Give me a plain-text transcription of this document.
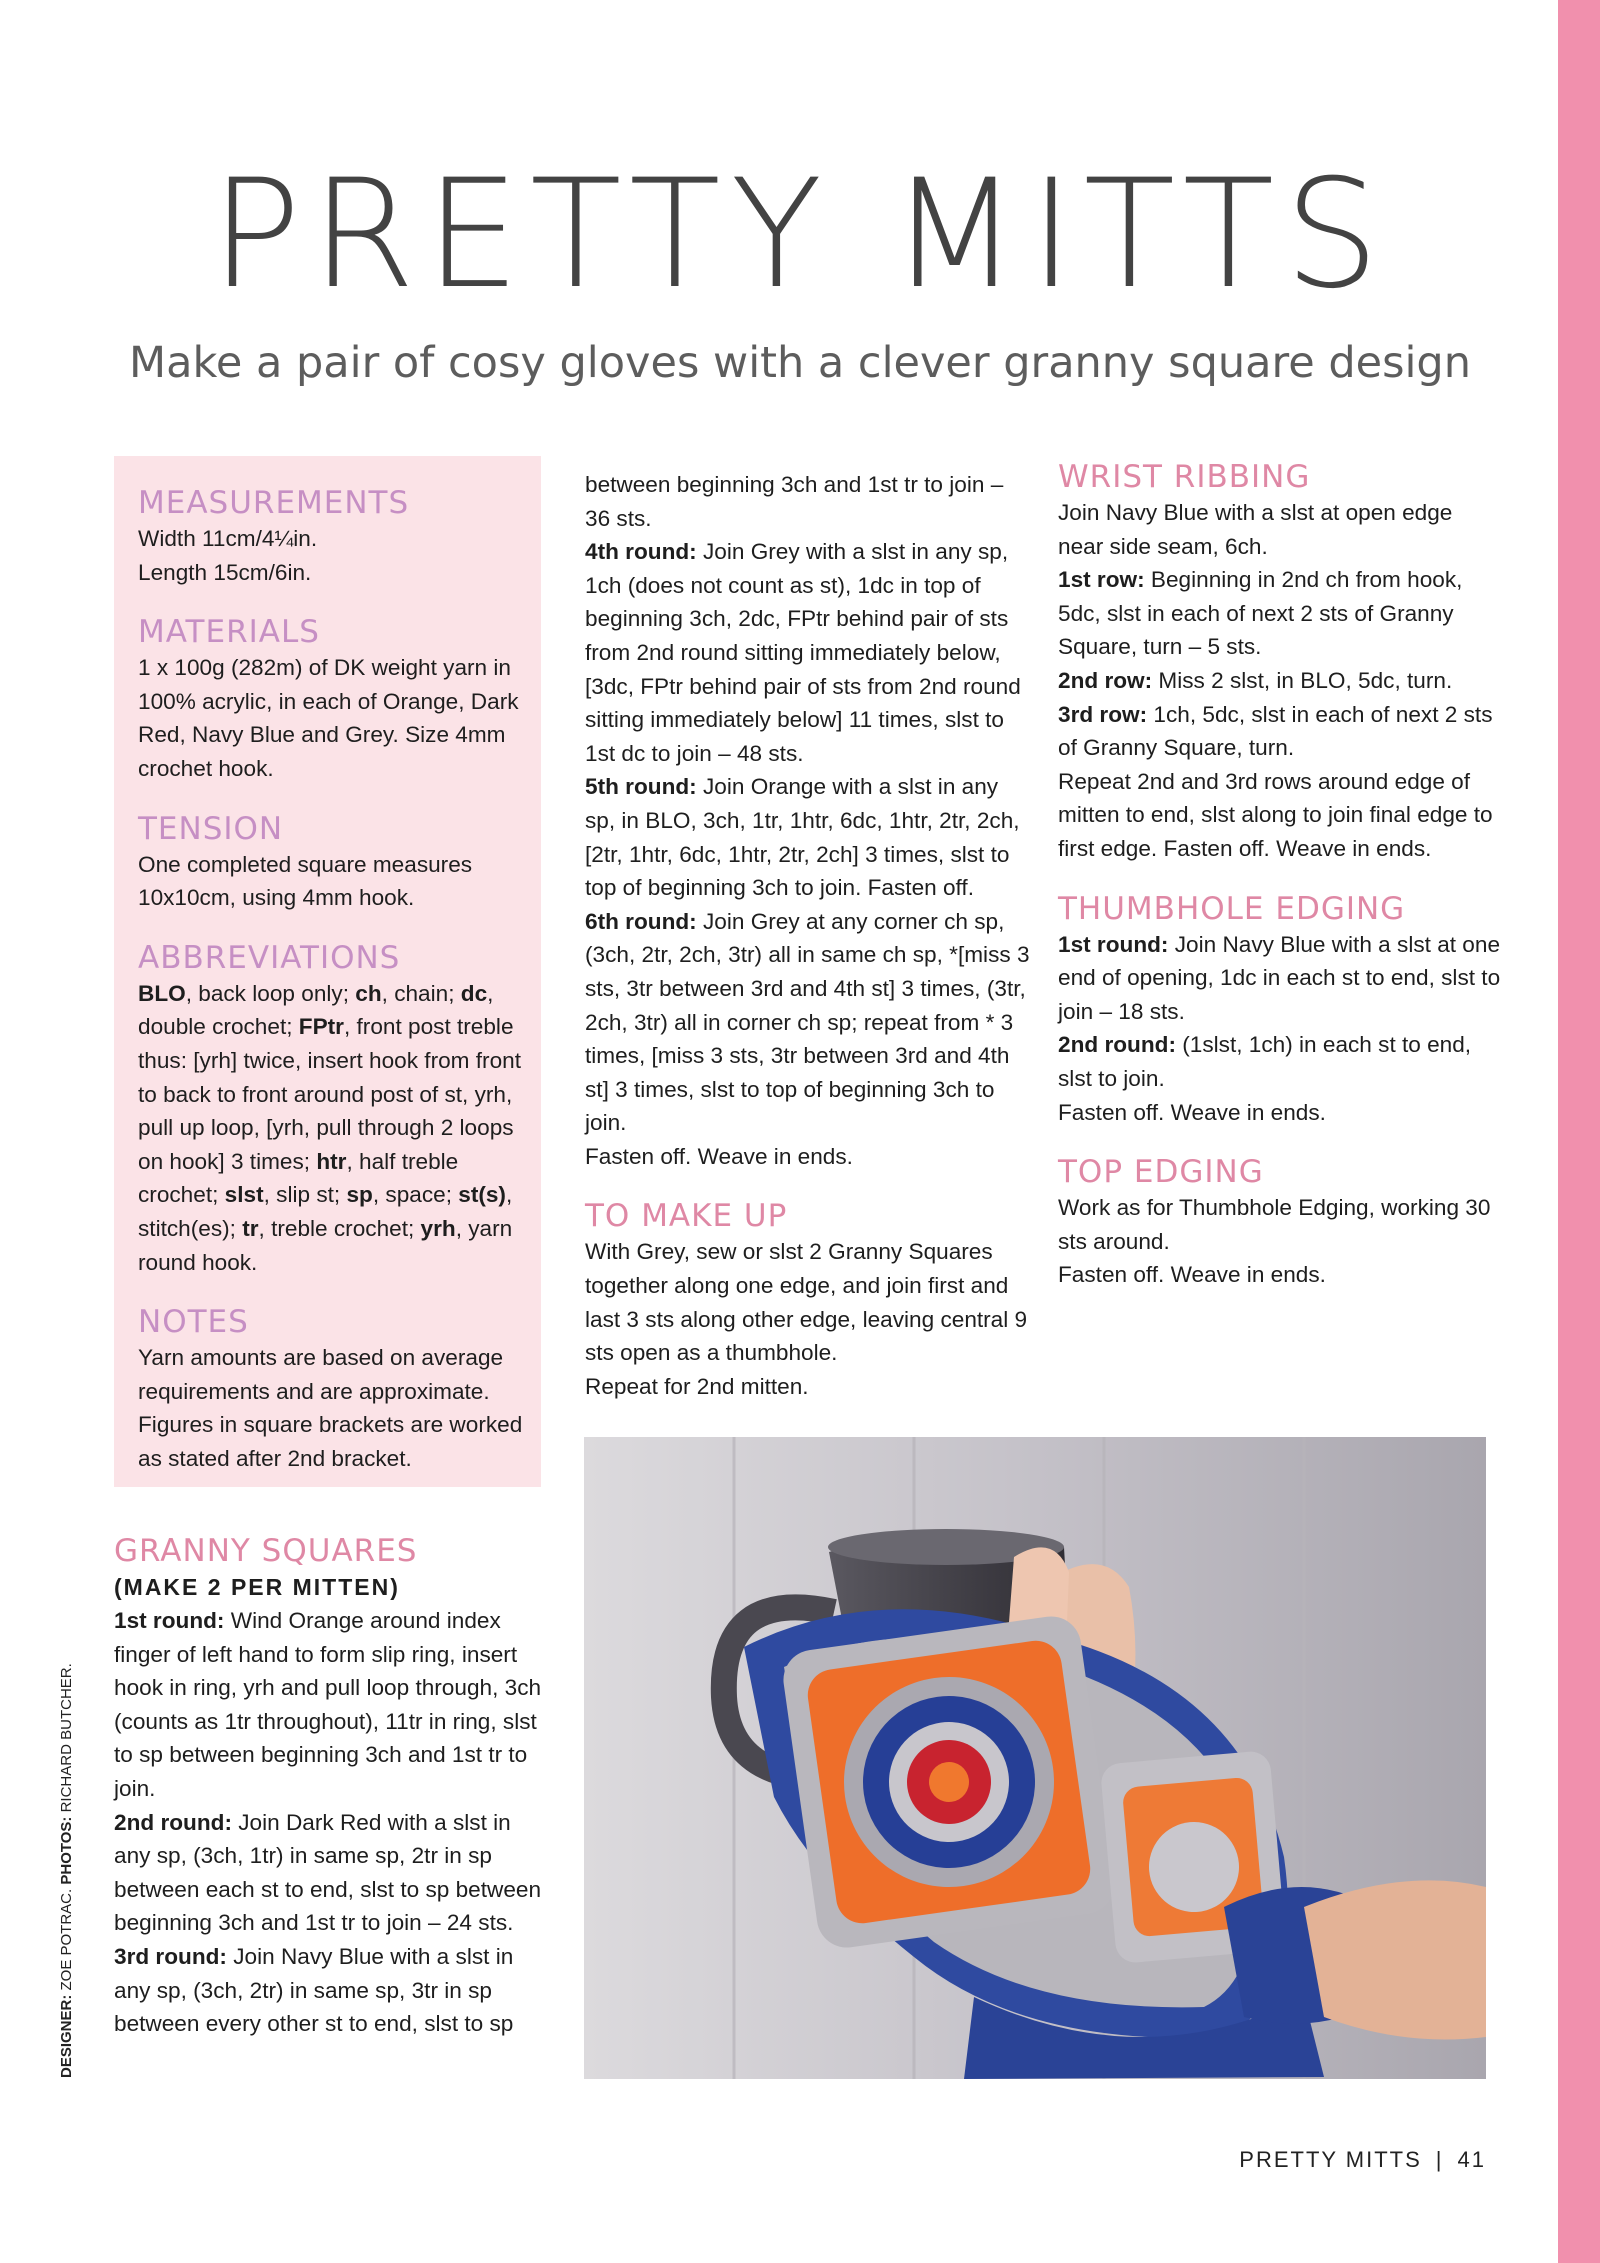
PRETTY MITTS

Make a pair of cosy gloves with a clever granny square design

MEASUREMENTS

Width 11cm/4¼in.

Length 15cm/6in.

MATERIALS

1 x 100g (282m) of DK weight yarn in 100% acrylic, in each of Orange, Dark Red, Navy Blue and Grey. Size 4mm crochet hook.

TENSION

One completed square measures 10x10cm, using 4mm hook.

ABBREVIATIONS

BLO, back loop only; ch, chain; dc, double crochet; FPtr, front post treble thus: [yrh] twice, insert hook from front to back to front around post of st, yrh, pull up loop, [yrh, pull through 2 loops on hook] 3 times; htr, half treble crochet; slst, slip st; sp, space; st(s), stitch(es); tr, treble crochet; yrh, yarn round hook.

NOTES

Yarn amounts are based on average requirements and are approximate. Figures in square brackets are worked as stated after 2nd bracket.

between beginning 3ch and 1st tr to join – 36 sts.

4th round: Join Grey with a slst in any sp, 1ch (does not count as st), 1dc in top of beginning 3ch, 2dc, FPtr behind pair of sts from 2nd round sitting immediately below, [3dc, FPtr behind pair of sts from 2nd round sitting immediately below] 11 times, slst to 1st dc to join – 48 sts.

5th round: Join Orange with a slst in any sp, in BLO, 3ch, 1tr, 1htr, 6dc, 1htr, 2tr, 2ch, [2tr, 1htr, 6dc, 1htr, 2tr, 2ch] 3 times, slst to top of beginning 3ch to join. Fasten off.

6th round: Join Grey at any corner ch sp, (3ch, 2tr, 2ch, 3tr) all in same ch sp, *[miss 3 sts, 3tr between 3rd and 4th st] 3 times, (3tr, 2ch, 3tr) all in corner ch sp; repeat from * 3 times, [miss 3 sts, 3tr between 3rd and 4th st] 3 times, slst to top of beginning 3ch to join.

Fasten off. Weave in ends.

TO MAKE UP

With Grey, sew or slst 2 Granny Squares together along one edge, and join first and last 3 sts along other edge, leaving central 9 sts open as a thumbhole.

Repeat for 2nd mitten.

WRIST RIBBING

Join Navy Blue with a slst at open edge near side seam, 6ch.

1st row: Beginning in 2nd ch from hook, 5dc, slst in each of next 2 sts of Granny Square, turn – 5 sts.

2nd row: Miss 2 slst, in BLO, 5dc, turn.

3rd row: 1ch, 5dc, slst in each of next 2 sts of Granny Square, turn.

Repeat 2nd and 3rd rows around edge of mitten to end, slst along to join final edge to first edge. Fasten off. Weave in ends.

THUMBHOLE EDGING

1st round: Join Navy Blue with a slst at one end of opening, 1dc in each st to end, slst to join – 18 sts.

2nd round: (1slst, 1ch) in each st to end, slst to join.

Fasten off. Weave in ends.

TOP EDGING

Work as for Thumbhole Edging, working 30 sts around.

Fasten off. Weave in ends.

GRANNY SQUARES

(MAKE 2 PER MITTEN)

1st round: Wind Orange around index finger of left hand to form slip ring, insert hook in ring, yrh and pull loop through, 3ch (counts as 1tr throughout), 11tr in ring, slst to sp between beginning 3ch and 1st tr to join.

2nd round: Join Dark Red with a slst in any sp, (3ch, 1tr) in same sp, 2tr in sp between each st to end, slst to sp between beginning 3ch and 1st tr to join – 24 sts.

3rd round: Join Navy Blue with a slst in any sp, (3ch, 2tr) in same sp, 3tr in sp between every other st to end, slst to sp

DESIGNER: ZOE POTRAC. PHOTOS: RICHARD BUTCHER.
PRETTY MITTS | 41
